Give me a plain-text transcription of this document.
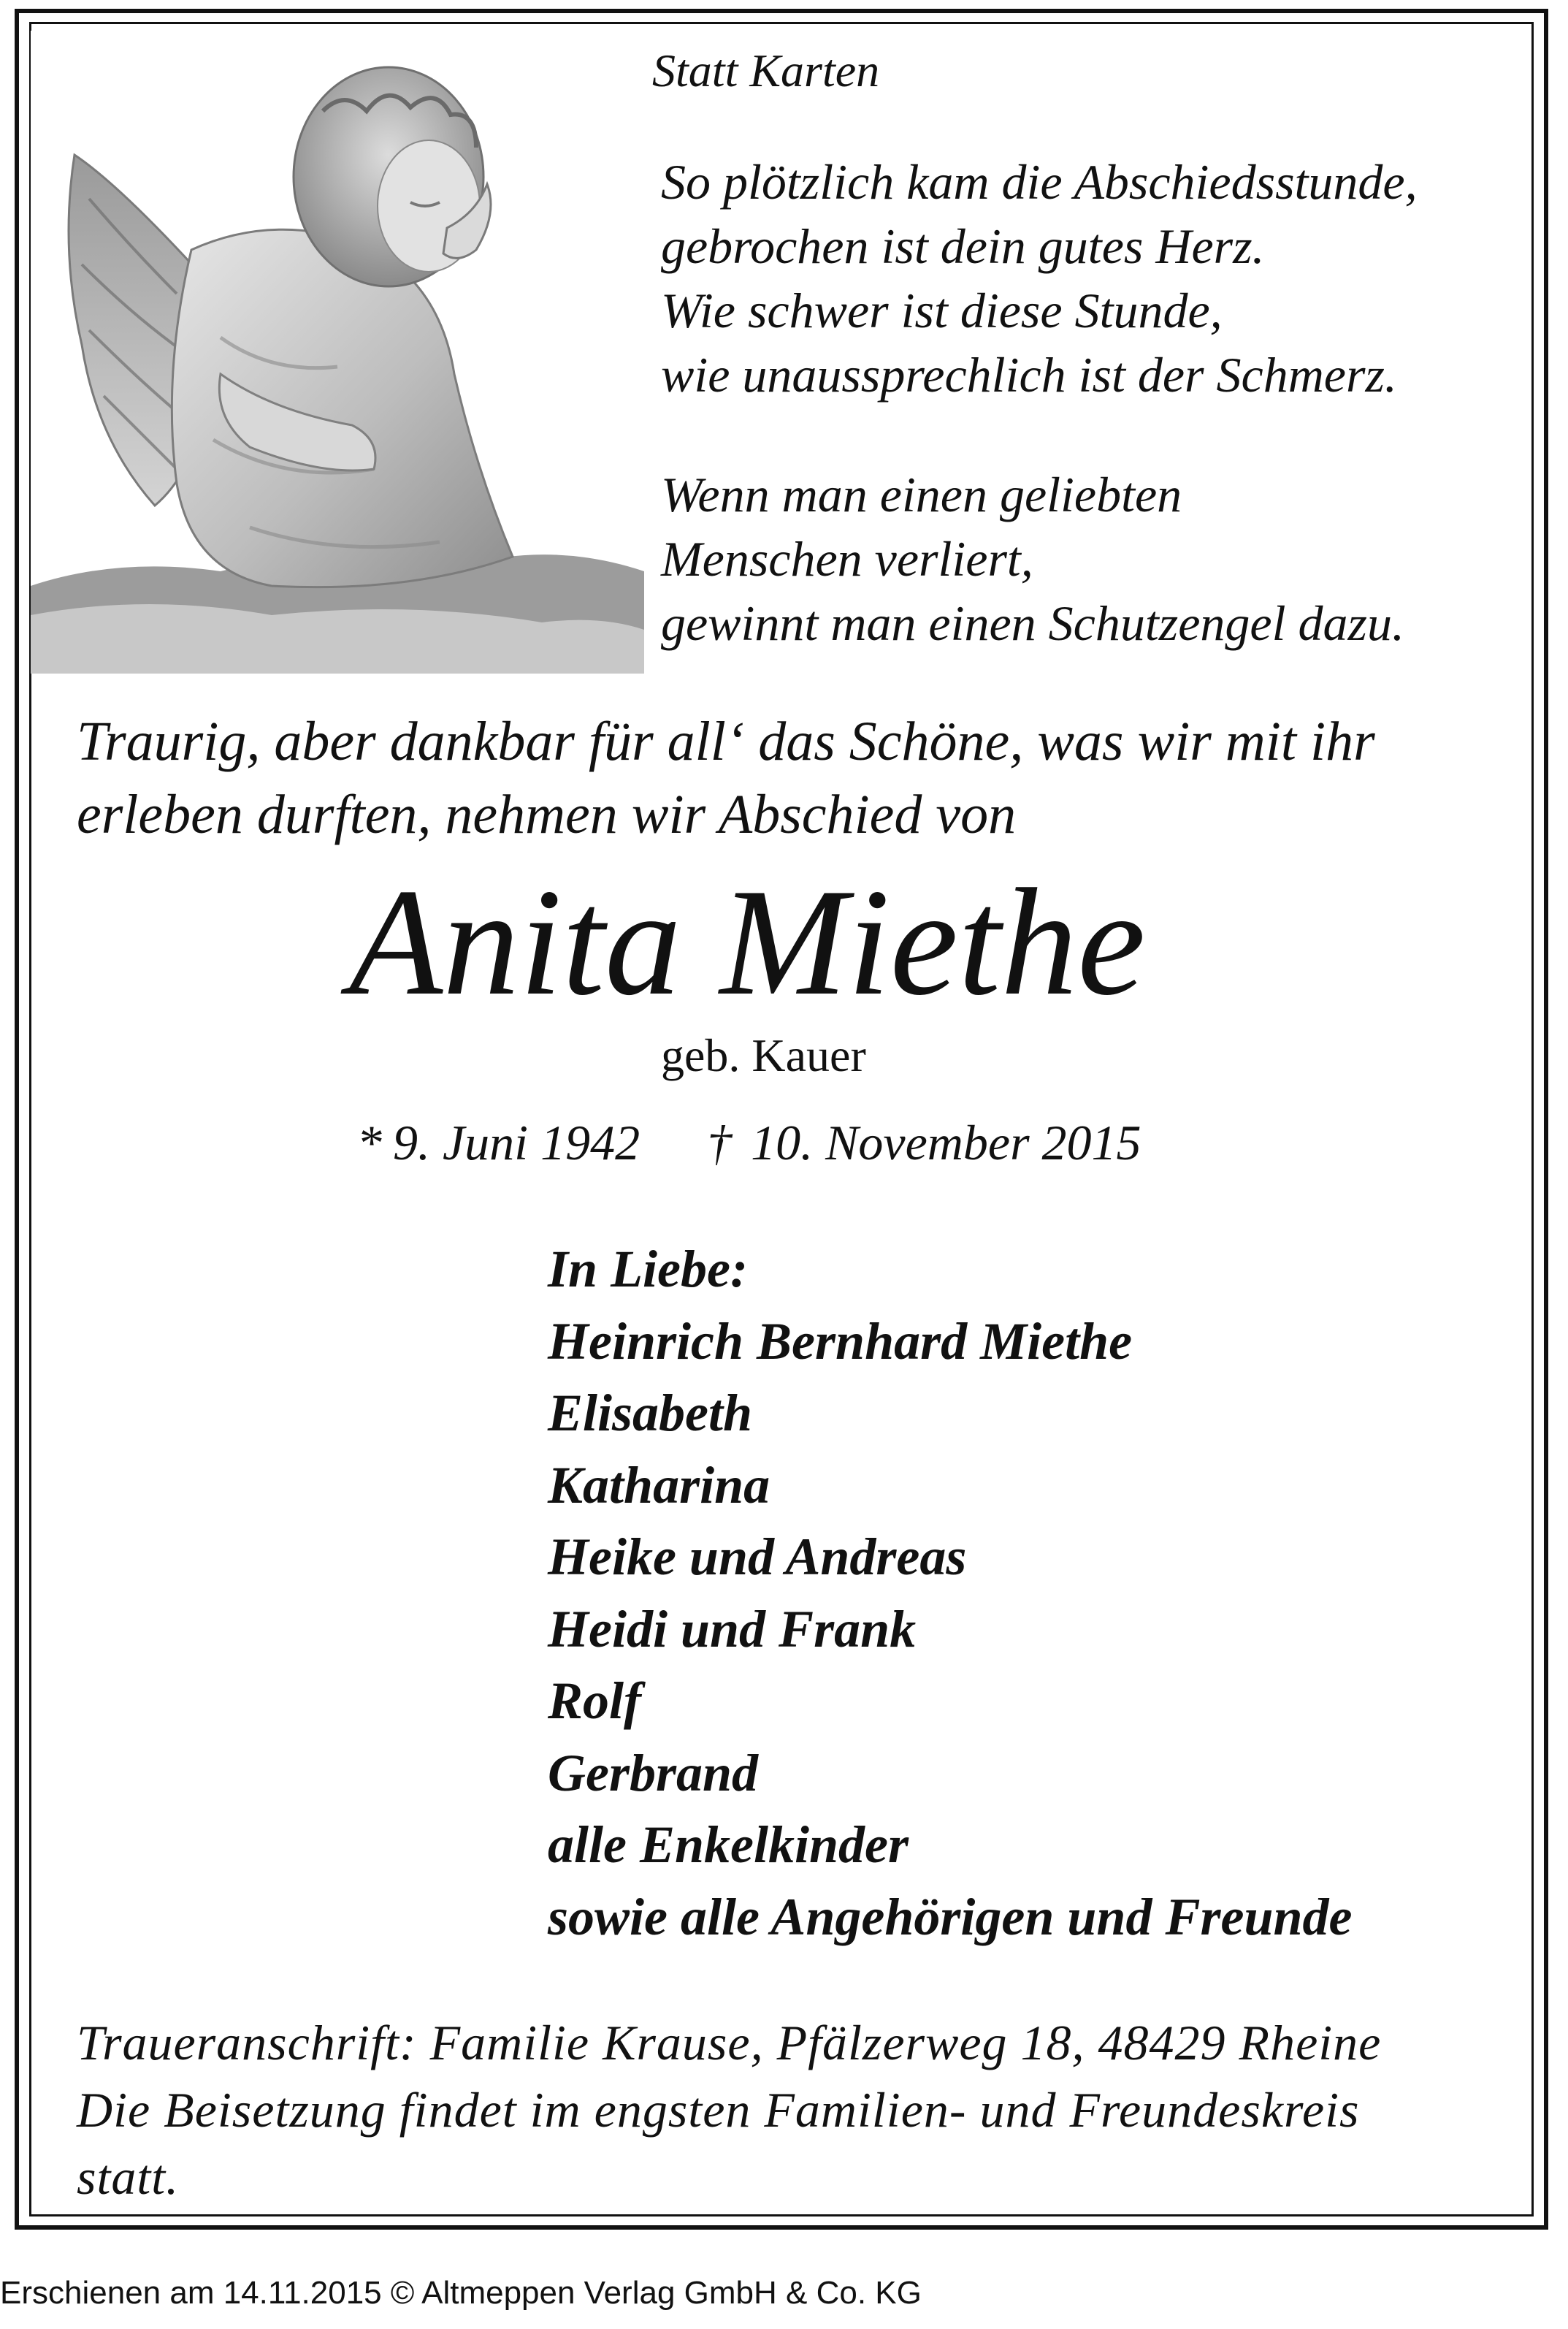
Statt Karten
So plötzlich kam die Abschiedsstunde,
gebrochen ist dein gutes Herz.
Wie schwer ist diese Stunde,
wie unaussprechlich ist der Schmerz.
Wenn man einen geliebten
Menschen verliert,
gewinnt man einen Schutzengel dazu.
Traurig, aber dankbar für all‘ das Schöne, was wir mit ihr
erleben durften, nehmen wir Abschied von
Anita Miethe
geb. Kauer
* 9. Juni 1942 † 10. November 2015
In Liebe:
Heinrich Bernhard Miethe
Elisabeth
Katharina
Heike und Andreas
Heidi und Frank
Rolf
Gerbrand
alle Enkelkinder
sowie alle Angehörigen und Freunde
Traueranschrift: Familie Krause, Pfälzerweg 18, 48429 Rheine
Die Beisetzung findet im engsten Familien- und Freundeskreis
statt.
Erschienen am 14.11.2015 © Altmeppen Verlag GmbH & Co. KG
